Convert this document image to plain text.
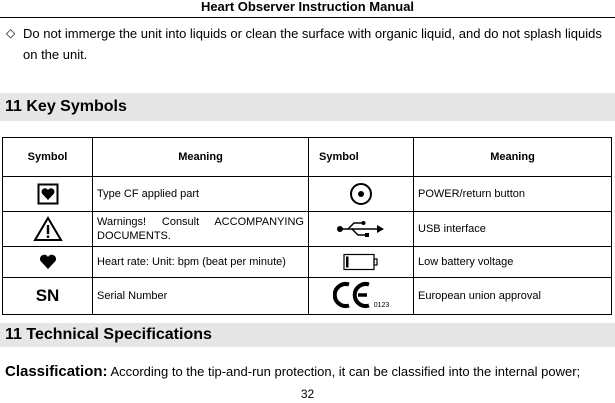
Heart Observer Instruction Manual
◇ Do not immerge the unit into liquids or clean the surface with organic liquid, and do not splash liquids on the unit.
11 Key Symbols
Symbol	Meaning	Symbol	Meaning

	Type CF applied part		POWER/return button

	Warnings! Consult ACCOMPANYING DOCUMENTS.		USB interface

	Heart rate: Unit: bpm (beat per minute)		Low battery voltage
SN	Serial Number	0123	European union approval
11 Technical Specifications
Classification: According to the tip-and-run protection, it can be classified into the internal power;
32
